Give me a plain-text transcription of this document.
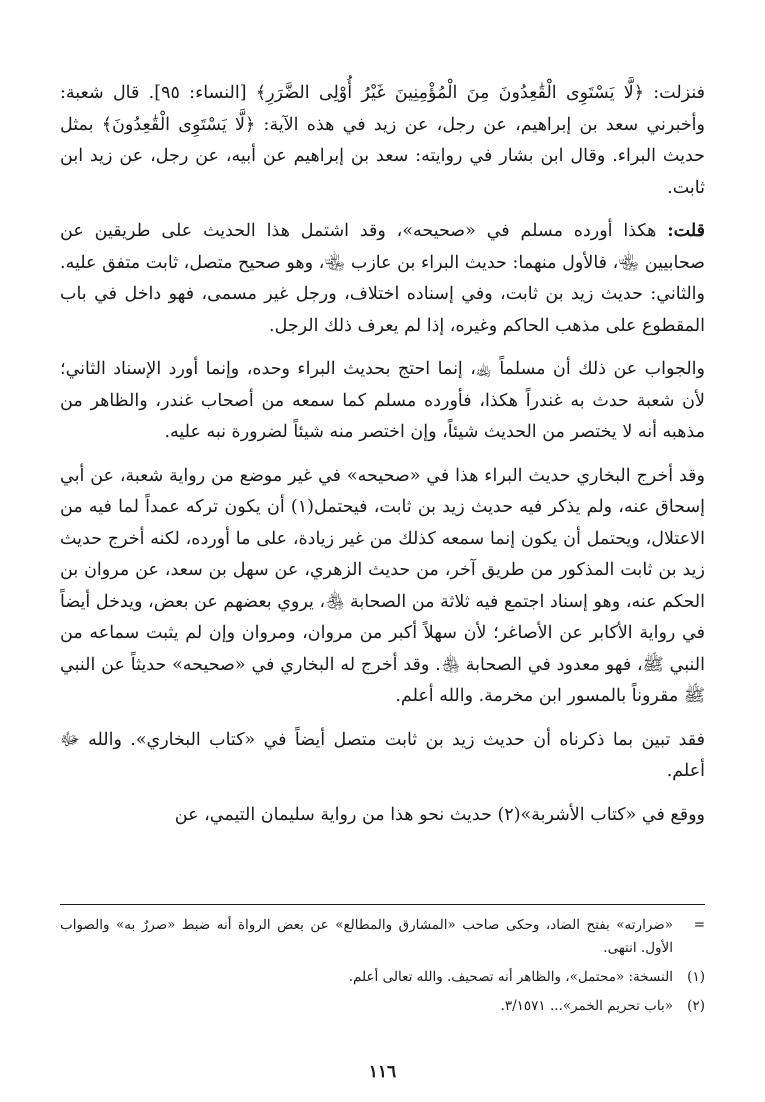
فنزلت: ﴿لَّا يَسْتَوِى الْقَٰعِدُونَ مِنَ الْمُؤْمِنِينَ غَيْرُ أُوْلِى الضَّرَرِ﴾ [النساء: ٩٥]. قال شعبة: وأخبرني سعد بن إبراهيم، عن رجل، عن زيد في هذه الآية: ﴿لَّا يَسْتَوِى الْقَٰعِدُونَ﴾ بمثل حديث البراء. وقال ابن بشار في روايته: سعد بن إبراهيم عن أبيه، عن رجل، عن زيد ابن ثابت.

قلت: هكذا أورده مسلم في «صحيحه»، وقد اشتمل هذا الحديث على طريقين عن صحابيين ﵄، فالأول منهما: حديث البراء بن عازب ﵄، وهو صحيح متصل، ثابت متفق عليه. والثاني: حديث زيد بن ثابت، وفي إسناده اختلاف، ورجل غير مسمى، فهو داخل في باب المقطوع على مذهب الحاكم وغيره، إذا لم يعرف ذلك الرجل.

والجواب عن ذلك أن مسلماً ﵀، إنما احتج بحديث البراء وحده، وإنما أورد الإسناد الثاني؛ لأن شعبة حدث به غندراً هكذا، فأورده مسلم كما سمعه من أصحاب غندر، والظاهر من مذهبه أنه لا يختصر من الحديث شيئاً، وإن اختصر منه شيئاً لضرورة نبه عليه.

وقد أخرج البخاري حديث البراء هذا في «صحيحه» في غير موضع من رواية شعبة، عن أبي إسحاق عنه، ولم يذكر فيه حديث زيد بن ثابت، فيحتمل(١) أن يكون تركه عمداً لما فيه من الاعتلال، ويحتمل أن يكون إنما سمعه كذلك من غير زيادة، على ما أورده، لكنه أخرج حديث زيد بن ثابت المذكور من طريق آخر، من حديث الزهري، عن سهل بن سعد، عن مروان بن الحكم عنه، وهو إسناد اجتمع فيه ثلاثة من الصحابة ﵃، يروي بعضهم عن بعض، ويدخل أيضاً في رواية الأكابر عن الأصاغر؛ لأن سهلاً أكبر من مروان، ومروان وإن لم يثبت سماعه من النبي ﷺ، فهو معدود في الصحابة ﵃. وقد أخرج له البخاري في «صحيحه» حديثاً عن النبي ﷺ مقروناً بالمسور ابن مخرمة. والله أعلم.

فقد تبين بما ذكرناه أن حديث زيد بن ثابت متصل أيضاً في «كتاب البخاري». والله ﷻ أعلم.

ووقع في «كتاب الأشربة»(٢) حديث نحو هذا من رواية سليمان التيمي، عن

=
«ضرارته» بفتح الضاد، وحكى صاحب «المشارق والمطالع» عن بعض الرواة أنه ضبط «صررٌ به» والصواب الأول. انتهى.
(١)
النسخة: «محتمل»، والظاهر أنه تصحيف. والله تعالى أعلم.
(٢)
«باب تحريم الخمر»... ٣/١٥٧١.
١١٦
